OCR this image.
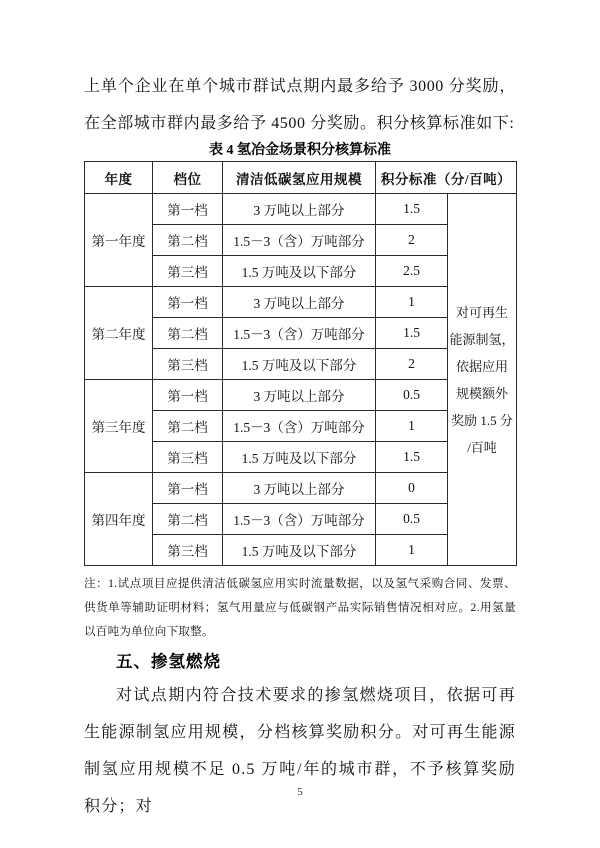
上单个企业在单个城市群试点期内最多给予 3000 分奖励，在全部城市群内最多给予 4500 分奖励。积分核算标准如下:

表 4 氢冶金场景积分核算标准
年度	档位	清洁低碳氢应用规模	积分标准（分/百吨）	
第一年度	第一档	3 万吨以上部分	1.5	
对可再生
能源制氢，
依据应用
规模额外
奖励 1.5 分
/百吨

	第二档	1.5－3（含）万吨部分	2	
	第三档	1.5 万吨及以下部分	2.5	
第二年度	第一档	3 万吨以上部分	1	
	第二档	1.5－3（含）万吨部分	1.5	
	第三档	1.5 万吨及以下部分	2	
第三年度	第一档	3 万吨以上部分	0.5	
	第二档	1.5－3（含）万吨部分	1	
	第三档	1.5 万吨及以下部分	1.5	
第四年度	第一档	3 万吨以上部分	0	
	第二档	1.5－3（含）万吨部分	0.5	
	第三档	1.5 万吨及以下部分	1	

注：1.试点项目应提供清洁低碳氢应用实时流量数据，以及氢气采购合同、发票、供货单等辅助证明材料；氢气用量应与低碳钢产品实际销售情况相对应。2.用氢量以百吨为单位向下取整。

五、掺氢燃烧

对试点期内符合技术要求的掺氢燃烧项目，依据可再生能源制氢应用规模，分档核算奖励积分。对可再生能源制氢应用规模不足 0.5 万吨/年的城市群，不予核算奖励积分；对

5
